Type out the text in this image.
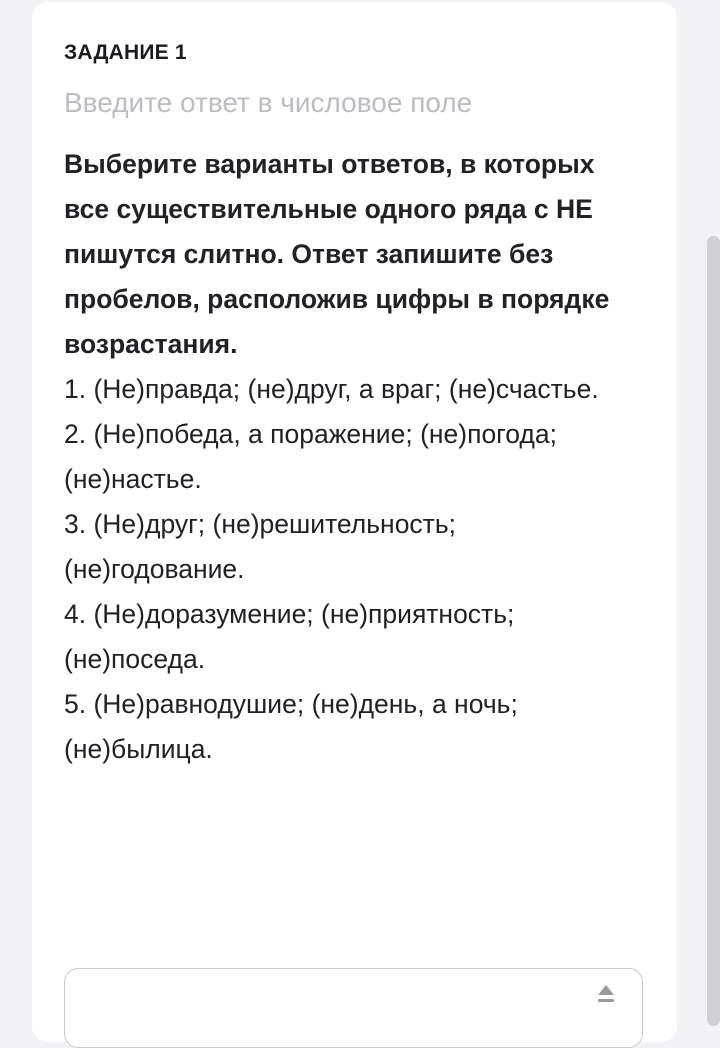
ЗАДАНИЕ 1
Введите ответ в числовое поле
Выберите варианты ответов, в которых все существительные одного ряда с НЕ пишутся слитно. Ответ запишите без пробелов, расположив цифры в порядке возрастания.
1. (Не)правда; (не)друг, а враг; (не)счастье.
2. (Не)победа, а поражение; (не)погода; (не)настье.
3. (Не)друг; (не)решительность; (не)годование.
4. (Не)доразумение; (не)приятность; (не)поседа.
5. (Не)равнодушие; (не)день, а ночь; (не)былица.
